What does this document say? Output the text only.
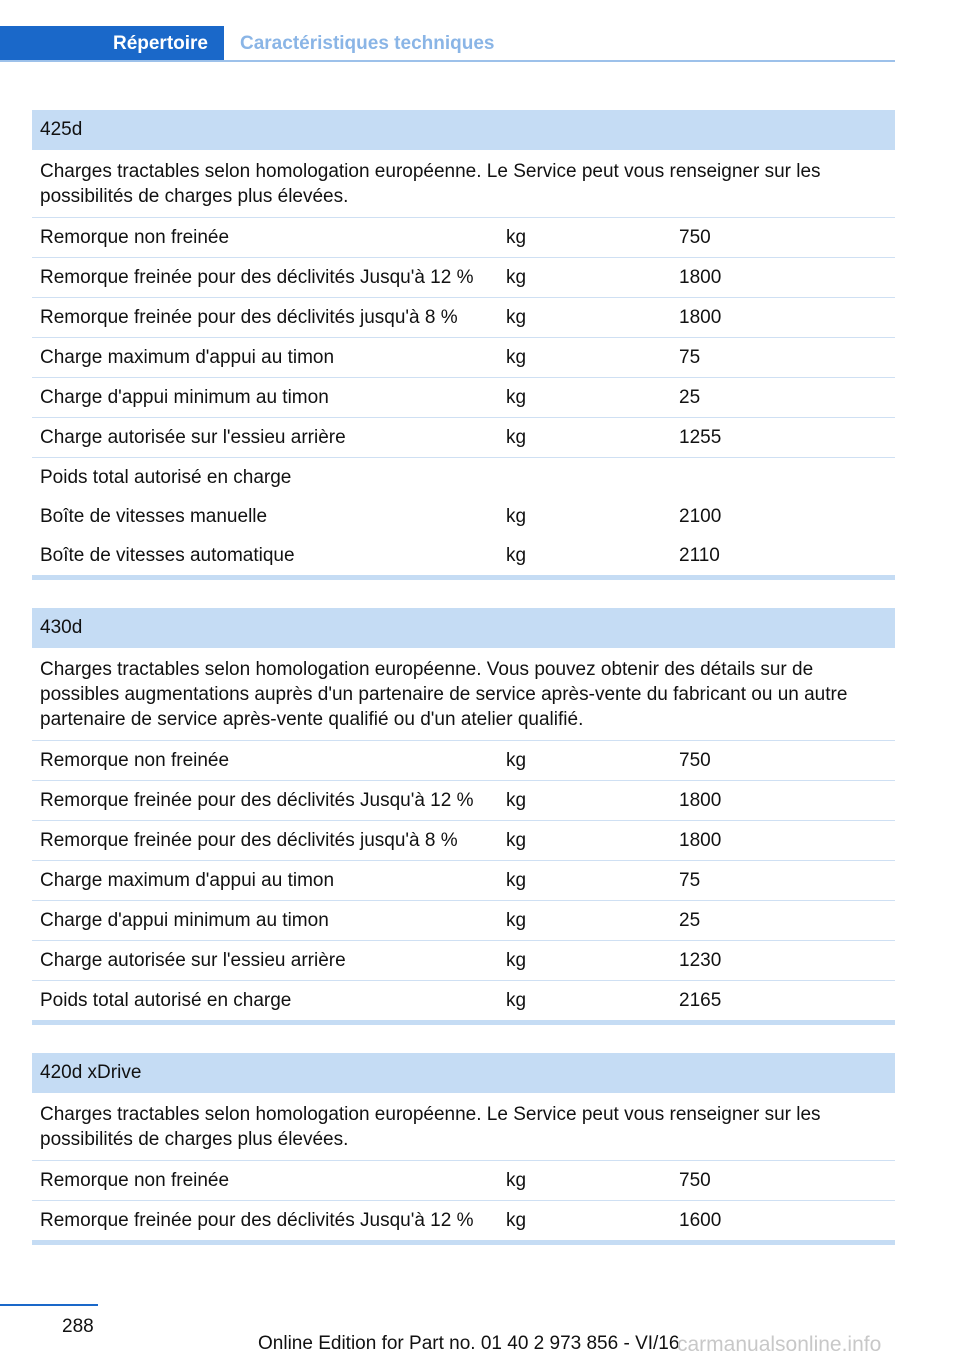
Répertoire	Caractéristiques techniques
425d
Charges tractables selon homologation européenne. Le Service peut vous renseigner sur les possibilités de charges plus élevées.
Remorque non freinée	kg	750
Remorque freinée pour des déclivités Jusqu'à 12 %	kg	1800
Remorque freinée pour des déclivités jusqu'à 8 %	kg	1800
Charge maximum d'appui au timon	kg	75
Charge d'appui minimum au timon	kg	25
Charge autorisée sur l'essieu arrière	kg	1255
Poids total autorisé en charge
Boîte de vitesses manuelle	kg	2100
Boîte de vitesses automatique	kg	2110
430d
Charges tractables selon homologation européenne. Vous pouvez obtenir des détails sur de possibles augmentations auprès d'un partenaire de service après-vente du fabricant ou un autre partenaire de service après-vente qualifié ou d'un atelier qualifié.
Remorque non freinée	kg	750
Remorque freinée pour des déclivités Jusqu'à 12 %	kg	1800
Remorque freinée pour des déclivités jusqu'à 8 %	kg	1800
Charge maximum d'appui au timon	kg	75
Charge d'appui minimum au timon	kg	25
Charge autorisée sur l'essieu arrière	kg	1230
Poids total autorisé en charge	kg	2165
420d xDrive
Charges tractables selon homologation européenne. Le Service peut vous renseigner sur les possibilités de charges plus élevées.
Remorque non freinée	kg	750
Remorque freinée pour des déclivités Jusqu'à 12 %	kg	1600
288
Online Edition for Part no. 01 40 2 973 856 - VI/16
carmanualsonline.info
